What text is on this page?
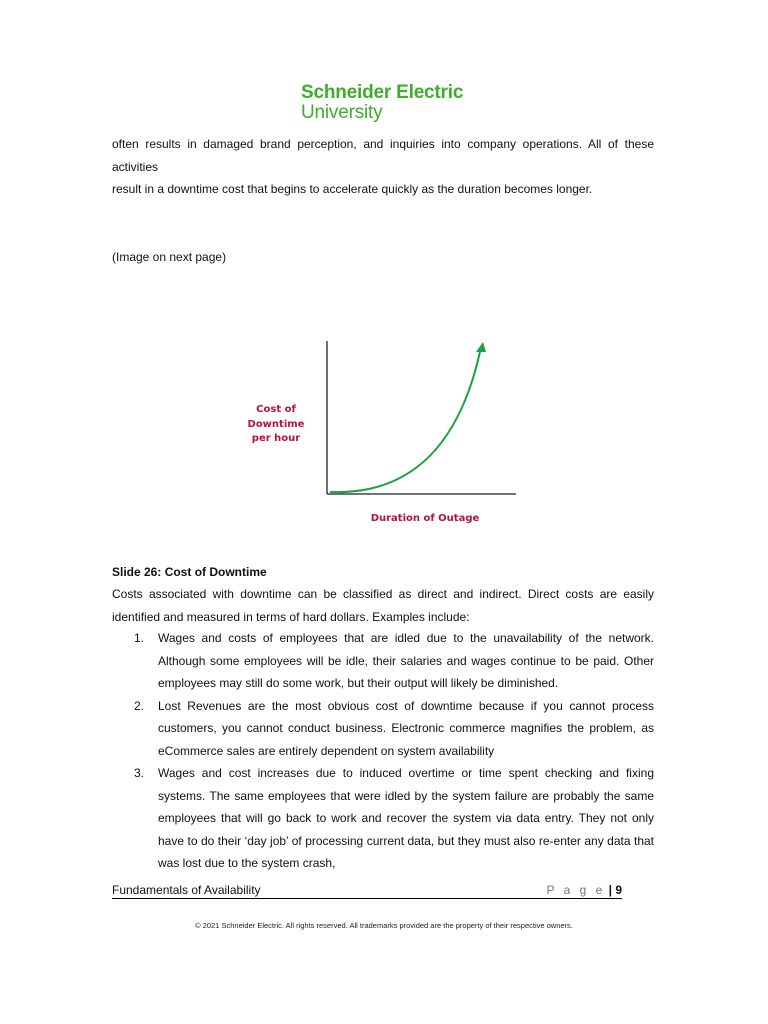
Schneider Electric
University
often results in damaged brand perception, and inquiries into company operations. All of these activities
result in a downtime cost that begins to accelerate quickly as the duration becomes longer.
(Image on next page)
Cost of
Downtime
per hour
Duration of Outage
Slide 26: Cost of Downtime
Costs associated with downtime can be classified as direct and indirect. Direct costs are easily identified and measured in terms of hard dollars. Examples include:
1. Wages and costs of employees that are idled due to the unavailability of the network. Although some employees will be idle, their salaries and wages continue to be paid. Other employees may still do some work, but their output will likely be diminished.
2. Lost Revenues are the most obvious cost of downtime because if you cannot process customers, you cannot conduct business. Electronic commerce magnifies the problem, as eCommerce sales are entirely dependent on system availability
3. Wages and cost increases due to induced overtime or time spent checking and fixing systems. The same employees that were idled by the system failure are probably the same employees that will go back to work and recover the system via data entry. They not only have to do their ‘day job’ of processing current data, but they must also re-enter any data that was lost due to the system crash,
Fundamentals of Availability	P a g e | 9
© 2021 Schneider Electric. All rights reserved. All trademarks provided are the property of their respective owners.
